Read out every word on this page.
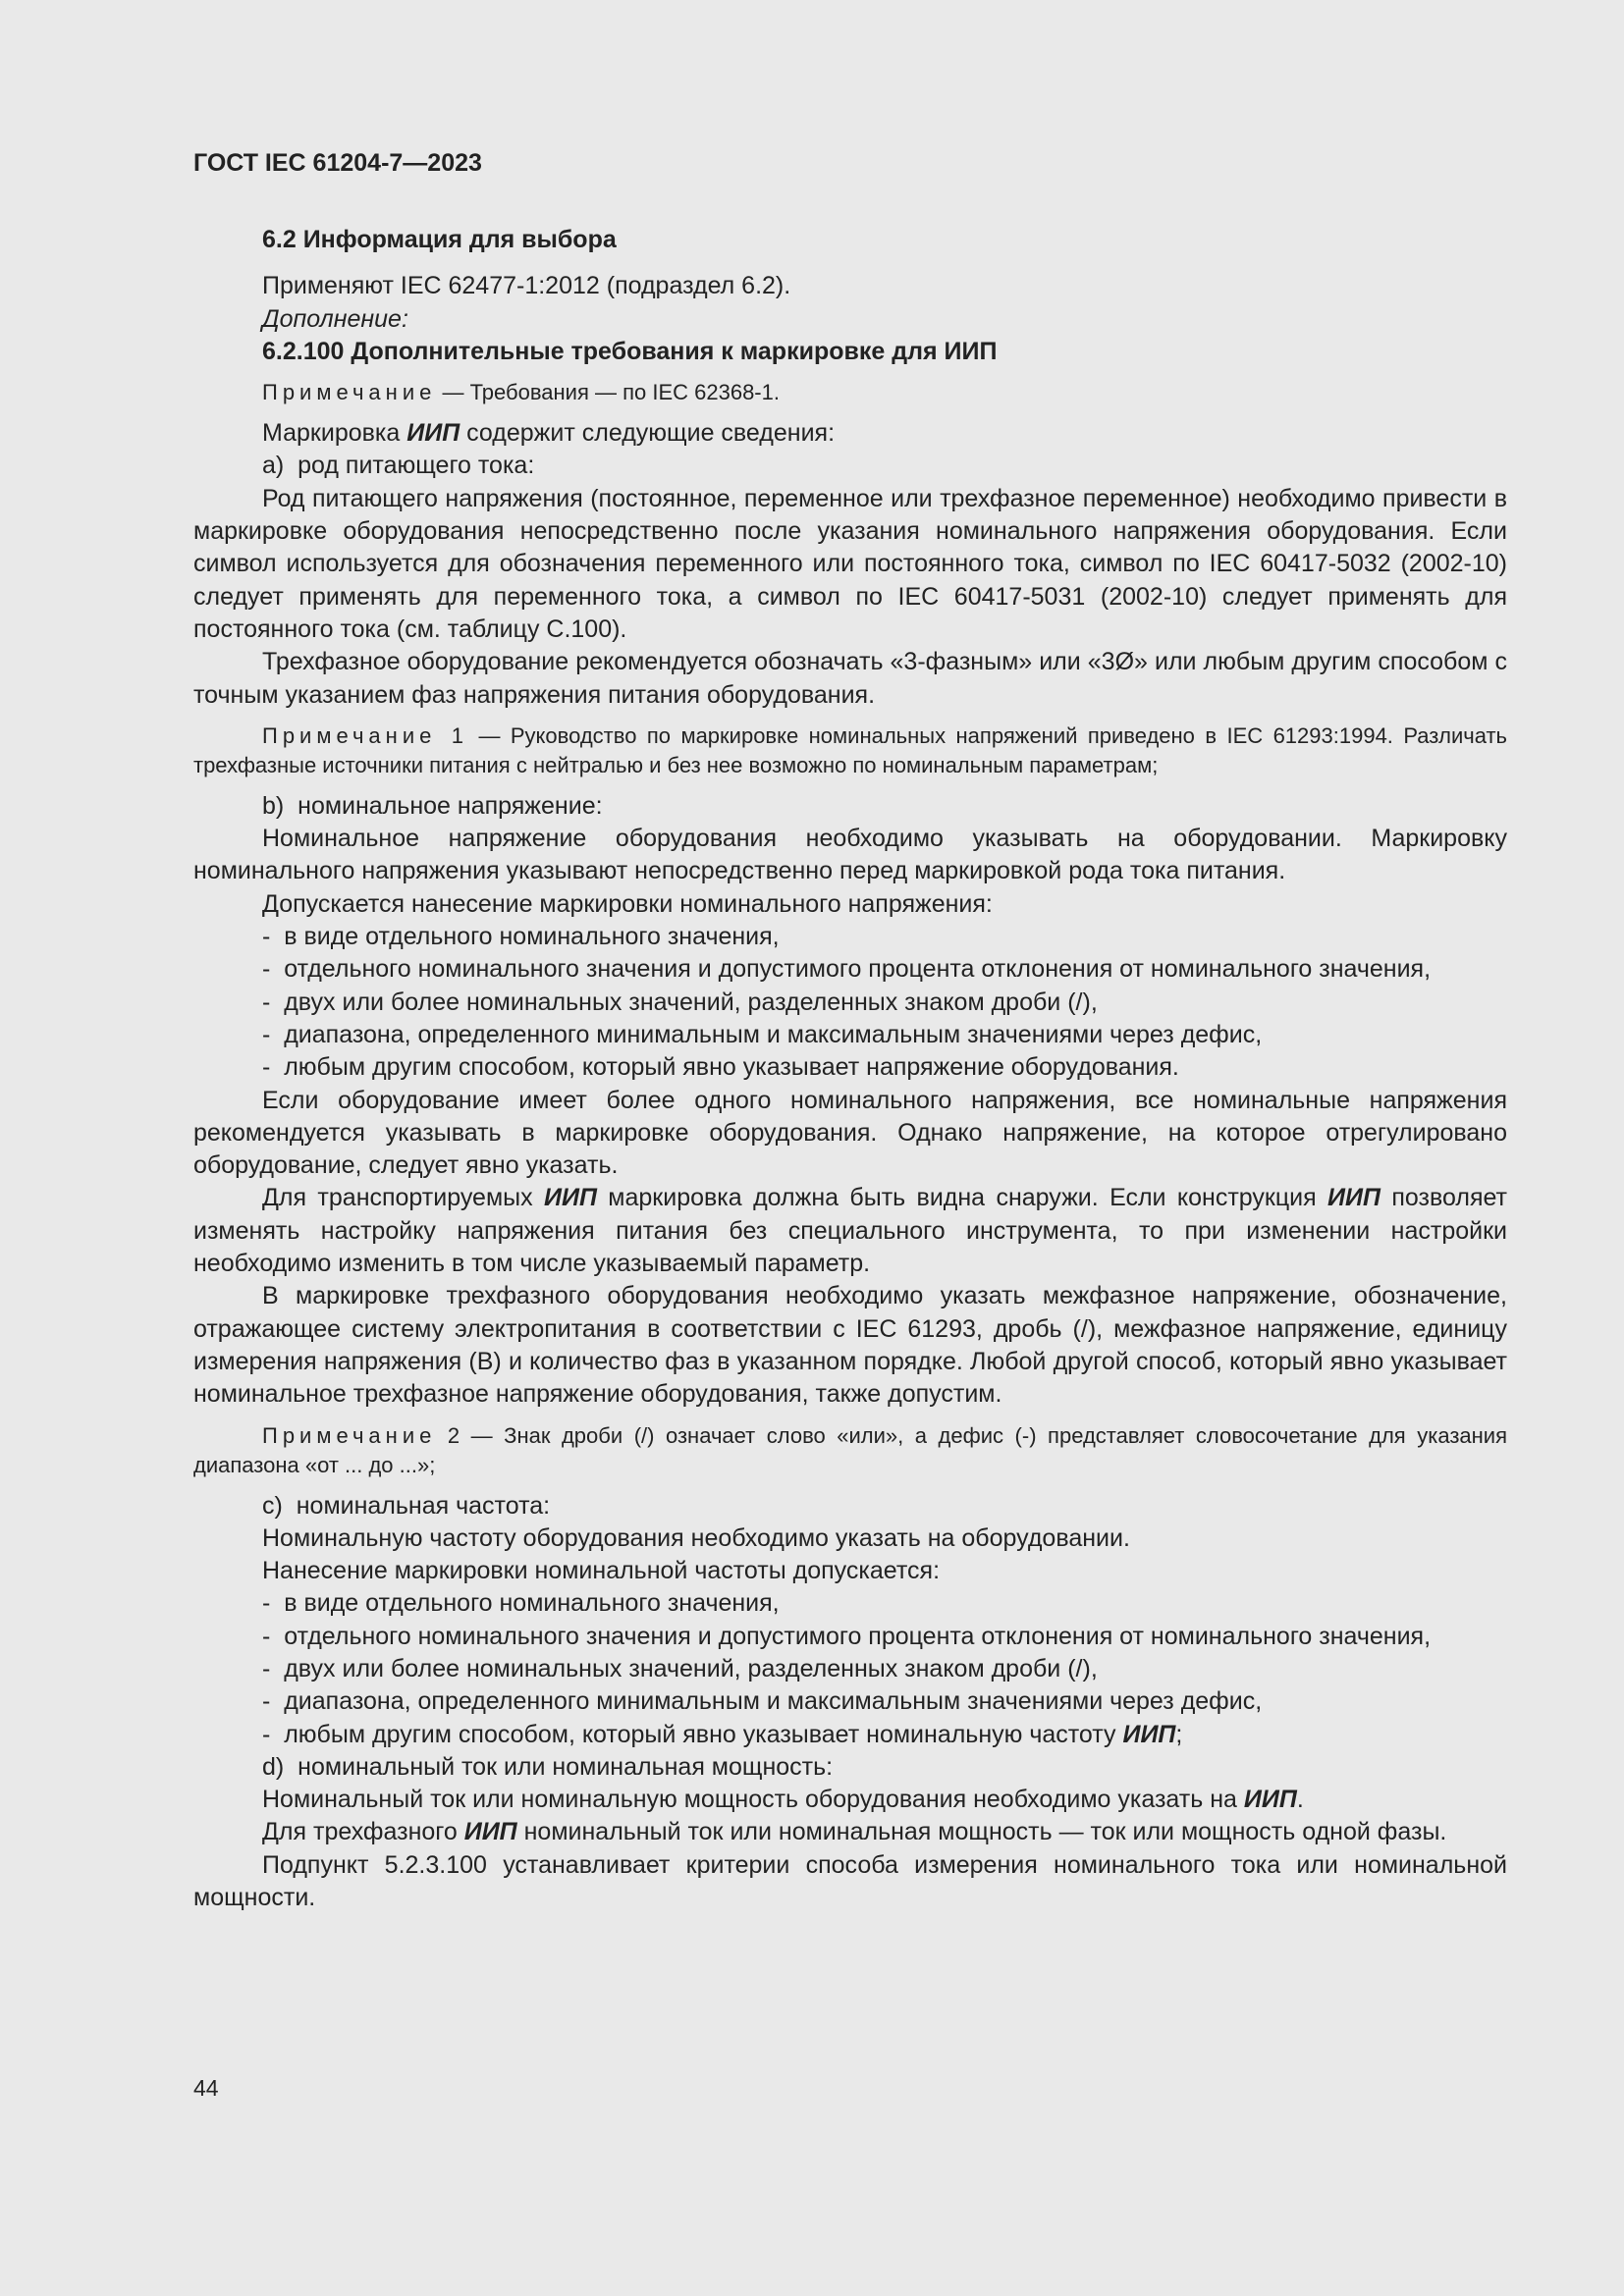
ГОСТ IEC 61204-7—2023

6.2 Информация для выбора

Применяют IEC 62477-1:2012 (подраздел 6.2).

Дополнение:

6.2.100 Дополнительные требования к маркировке для ИИП

Примечание — Требования — по IEC 62368-1.

Маркировка ИИП содержит следующие сведения:

a) род питающего тока:

Род питающего напряжения (постоянное, переменное или трехфазное переменное) необходимо привести в маркировке оборудования непосредственно после указания номинального напряжения оборудования. Если символ используется для обозначения переменного или постоянного тока, символ по IEC 60417-5032 (2002-10) следует применять для переменного тока, а символ по IEC 60417-5031 (2002-10) следует применять для постоянного тока (см. таблицу С.100).

Трехфазное оборудование рекомендуется обозначать «3-фазным» или «3Ø» или любым другим способом с точным указанием фаз напряжения питания оборудования.

Примечание 1 — Руководство по маркировке номинальных напряжений приведено в IEC 61293:1994. Различать трехфазные источники питания с нейтралью и без нее возможно по номинальным параметрам;

b) номинальное напряжение:

Номинальное напряжение оборудования необходимо указывать на оборудовании. Маркировку номинального напряжения указывают непосредственно перед маркировкой рода тока питания.

Допускается нанесение маркировки номинального напряжения:

-  в виде отдельного номинального значения,

-  отдельного номинального значения и допустимого процента отклонения от номинального значения,

-  двух или более номинальных значений, разделенных знаком дроби (/),

-  диапазона, определенного минимальным и максимальным значениями через дефис,

-  любым другим способом, который явно указывает напряжение оборудования.

Если оборудование имеет более одного номинального напряжения, все номинальные напряжения рекомендуется указывать в маркировке оборудования. Однако напряжение, на которое отрегулировано оборудование, следует явно указать.

Для транспортируемых ИИП маркировка должна быть видна снаружи. Если конструкция ИИП позволяет изменять настройку напряжения питания без специального инструмента, то при изменении настройки необходимо изменить в том числе указываемый параметр.

В маркировке трехфазного оборудования необходимо указать межфазное напряжение, обозначение, отражающее систему электропитания в соответствии с IEC 61293, дробь (/), межфазное напряжение, единицу измерения напряжения (В) и количество фаз в указанном порядке. Любой другой способ, который явно указывает номинальное трехфазное напряжение оборудования, также допустим.

Примечание 2 — Знак дроби (/) означает слово «или», а дефис (-) представляет словосочетание для указания диапазона «от ... до ...»;

c) номинальная частота:

Номинальную частоту оборудования необходимо указать на оборудовании.

Нанесение маркировки номинальной частоты допускается:

-  в виде отдельного номинального значения,

-  отдельного номинального значения и допустимого процента отклонения от номинального значения,

-  двух или более номинальных значений, разделенных знаком дроби (/),

-  диапазона, определенного минимальным и максимальным значениями через дефис,

-  любым другим способом, который явно указывает номинальную частоту ИИП;

d) номинальный ток или номинальная мощность:

Номинальный ток или номинальную мощность оборудования необходимо указать на ИИП.

Для трехфазного ИИП номинальный ток или номинальная мощность — ток или мощность одной фазы.

Подпункт 5.2.3.100 устанавливает критерии способа измерения номинального тока или номинальной мощности.

44
